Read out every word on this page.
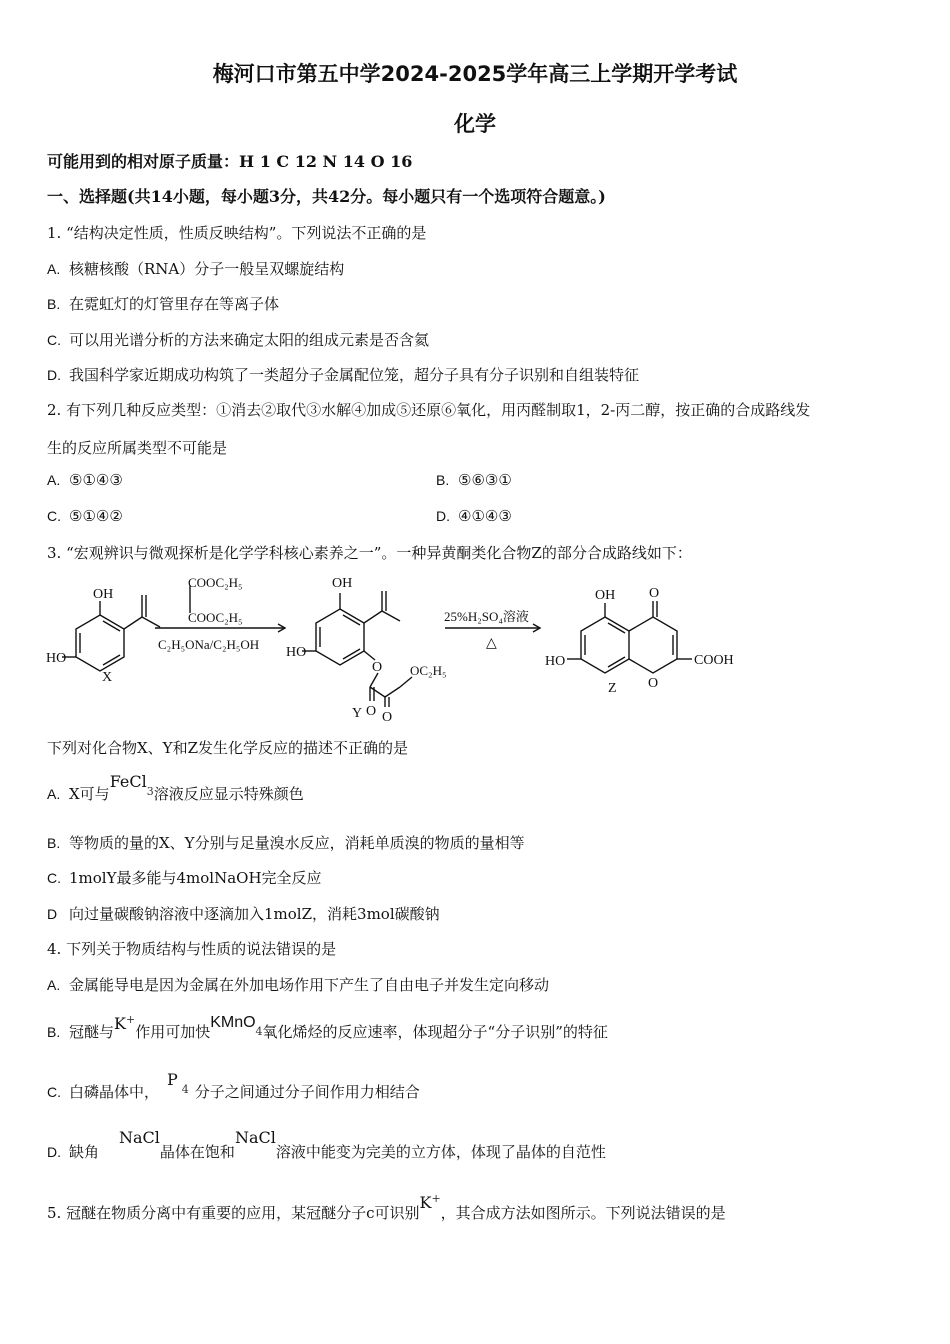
梅河口市第五中学2024-2025学年高三上学期开学考试
化学
可能用到的相对原子质量：H 1 C 12 N 14 O 16
一、选择题(共14小题，每小题3分，共42分。每小题只有一个选项符合题意。)
1. “结构决定性质，性质反映结构”。下列说法不正确的是
A. 核糖核酸（RNA）分子一般呈双螺旋结构
B. 在霓虹灯的灯管里存在等离子体
C. 可以用光谱分析的方法来确定太阳的组成元素是否含氦
D. 我国科学家近期成功构筑了一类超分子金属配位笼，超分子具有分子识别和自组装特征
2. 有下列几种反应类型：①消去②取代③水解④加成⑤还原⑥氧化，用丙醛制取1，2-丙二醇，按正确的合成路线发
生的反应所属类型不可能是
A. ⑤①④③	B. ⑤⑥③①
C. ⑤①④②	D. ④①④③
3. “宏观辨识与微观探析是化学学科核心素养之一”。一种异黄酮类化合物Z的部分合成路线如下：
OH
HO
X
COOC₂H₅
COOC₂H₅
C₂H₅ONa/C₂H₅OH
OH
HO
O OC₂H₅
O O
Y
25%H₂SO₄溶液
△
OH O
HO
O
COOH
Z
下列对化合物X、Y和Z发生化学反应的描述不正确的是
A. X可与FeCl$^3$溶液反应显示特殊颜色
B. 等物质的量的X、Y分别与足量溴水反应，消耗单质溴的物质的量相等
C. 1molY最多能与4molNaOH完全反应
D 向过量碳酸钠溶液中逐滴加入1molZ，消耗3mol碳酸钠
4. 下列关于物质结构与性质的说法错误的是
A. 金属能导电是因为金属在外加电场作用下产生了自由电子并发生定向移动
B. 冠醚与K+作用可加快KMnO4氧化烯烃的反应速率，体现超分子“分子识别”的特征
C. 白磷晶体中，$P^4$ 分子之间通过分子间作用力相结合
D. 缺角NaCl晶体在饱和NaCl溶液中能变为完美的立方体，体现了晶体的自范性
5. 冠醚在物质分离中有重要的应用，某冠醚分子c可识别K+，其合成方法如图所示。下列说法错误的是
